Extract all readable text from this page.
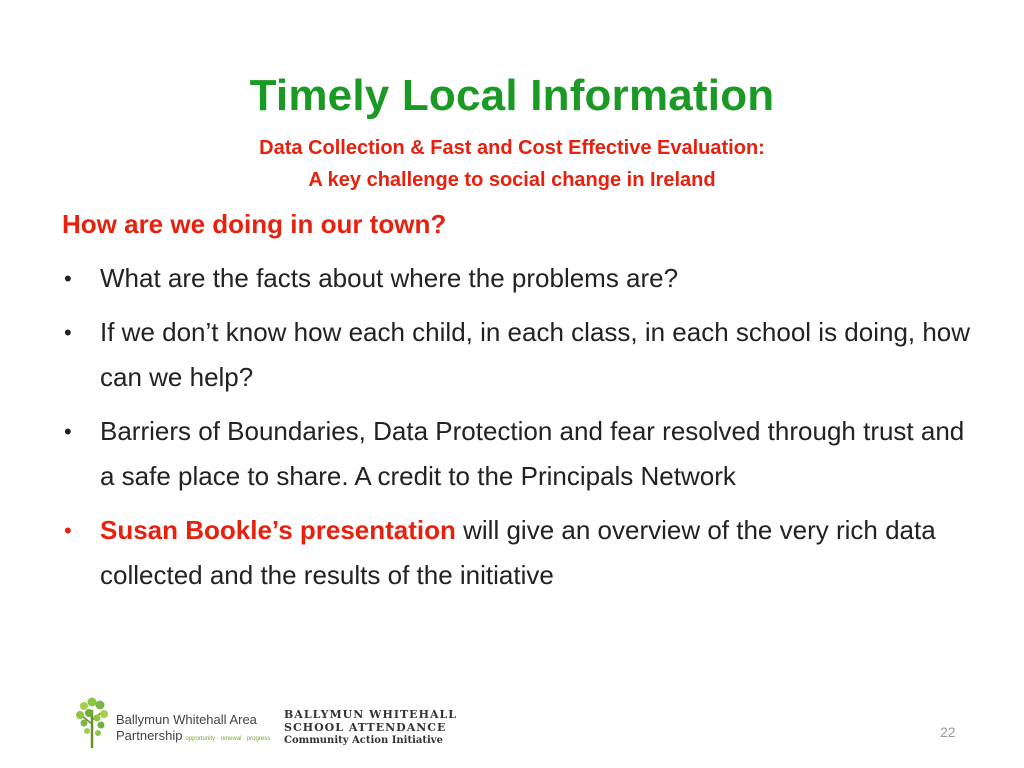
Timely Local Information
Data Collection & Fast and Cost Effective Evaluation:
A key challenge to social change in Ireland
How are we doing in our town?
• What are the facts about where the problems are?
• If we don’t know how each child, in each class, in each school is doing, how can we help?
• Barriers of Boundaries, Data Protection and fear resolved through trust and a safe place to share. A credit to the Principals Network
• Susan Bookle’s presentation will give an overview of the very rich data collected and the results of the initiative
Ballymun Whitehall Area
Partnership opportunity · renewal · progress
BALLYMUN WHITEHALL
SCHOOL ATTENDANCE
Community Action Initiative
22
